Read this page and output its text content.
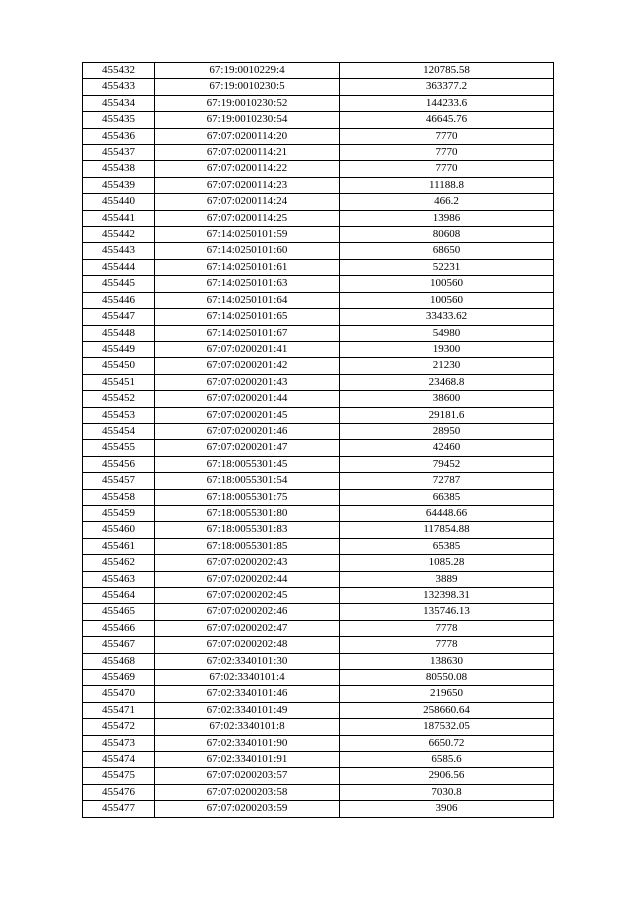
455432	67:19:0010229:4	120785.58
455433	67:19:0010230:5	363377.2
455434	67:19:0010230:52	144233.6
455435	67:19:0010230:54	46645.76
455436	67:07:0200114:20	7770
455437	67:07:0200114:21	7770
455438	67:07:0200114:22	7770
455439	67:07:0200114:23	11188.8
455440	67:07:0200114:24	466.2
455441	67:07:0200114:25	13986
455442	67:14:0250101:59	80608
455443	67:14:0250101:60	68650
455444	67:14:0250101:61	52231
455445	67:14:0250101:63	100560
455446	67:14:0250101:64	100560
455447	67:14:0250101:65	33433.62
455448	67:14:0250101:67	54980
455449	67:07:0200201:41	19300
455450	67:07:0200201:42	21230
455451	67:07:0200201:43	23468.8
455452	67:07:0200201:44	38600
455453	67:07:0200201:45	29181.6
455454	67:07:0200201:46	28950
455455	67:07:0200201:47	42460
455456	67:18:0055301:45	79452
455457	67:18:0055301:54	72787
455458	67:18:0055301:75	66385
455459	67:18:0055301:80	64448.66
455460	67:18:0055301:83	117854.88
455461	67:18:0055301:85	65385
455462	67:07:0200202:43	1085.28
455463	67:07:0200202:44	3889
455464	67:07:0200202:45	132398.31
455465	67:07:0200202:46	135746.13
455466	67:07:0200202:47	7778
455467	67:07:0200202:48	7778
455468	67:02:3340101:30	138630
455469	67:02:3340101:4	80550.08
455470	67:02:3340101:46	219650
455471	67:02:3340101:49	258660.64
455472	67:02:3340101:8	187532.05
455473	67:02:3340101:90	6650.72
455474	67:02:3340101:91	6585.6
455475	67:07:0200203:57	2906.56
455476	67:07:0200203:58	7030.8
455477	67:07:0200203:59	3906
